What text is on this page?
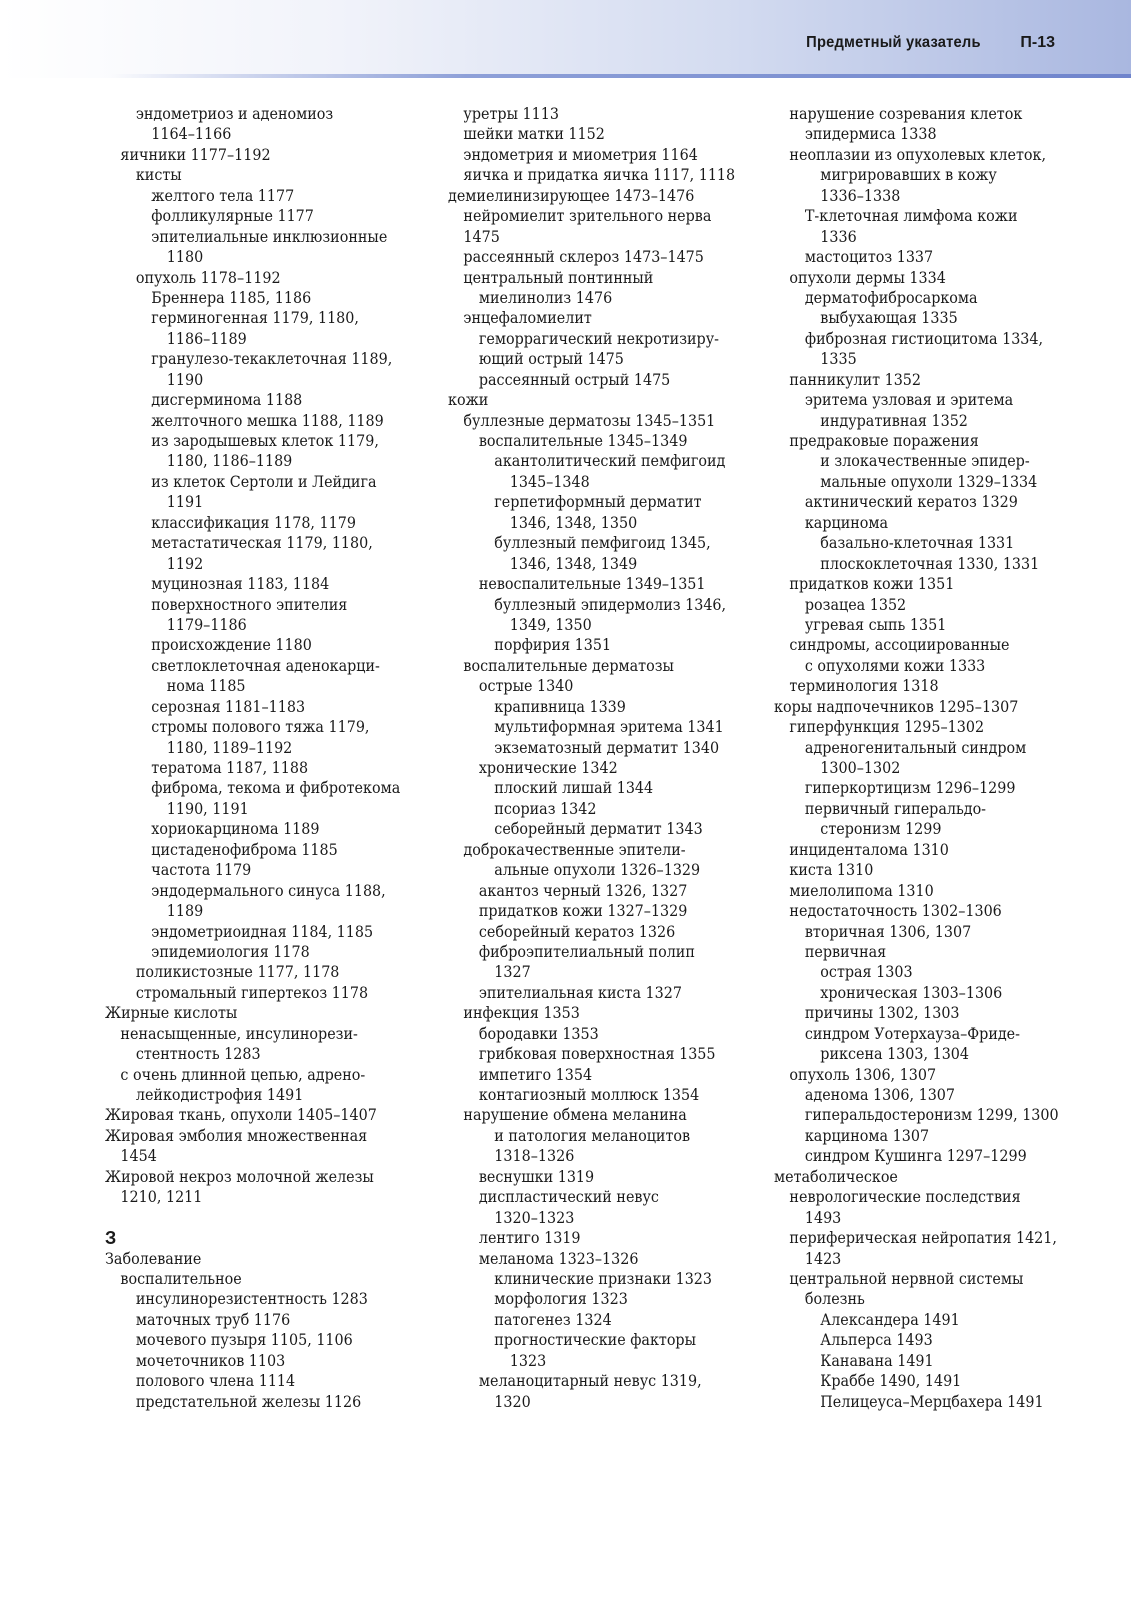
Предметный указатель П-13
эндометриоз и аденомиоз
1164–1166
яичники 1177–1192
кисты
желтого тела 1177
фолликулярные 1177
эпителиальные инклюзионные
1180
опухоль 1178–1192
Бреннера 1185, 1186
герминогенная 1179, 1180,
1186–1189
гранулезо-текаклеточная 1189,
1190
дисгерминома 1188
желточного мешка 1188, 1189
из зародышевых клеток 1179,
1180, 1186–1189
из клеток Сертоли и Лейдига
1191
классификация 1178, 1179
метастатическая 1179, 1180,
1192
муцинозная 1183, 1184
поверхностного эпителия
1179–1186
происхождение 1180
светлоклеточная аденокарци-
нома 1185
серозная 1181–1183
стромы полового тяжа 1179,
1180, 1189–1192
тератома 1187, 1188
фиброма, текома и фибротекома
1190, 1191
хориокарцинома 1189
цистаденофиброма 1185
частота 1179
эндодермального синуса 1188,
1189
эндометриоидная 1184, 1185
эпидемиология 1178
поликистозные 1177, 1178
стромальный гипертекоз 1178
Жирные кислоты
ненасыщенные, инсулинорези-
стентность 1283
с очень длинной цепью, адрено-
лейкодистрофия 1491
Жировая ткань, опухоли 1405–1407
Жировая эмболия множественная
1454
Жировой некроз молочной железы
1210, 1211
З
Заболевание
воспалительное
инсулинорезистентность 1283
маточных труб 1176
мочевого пузыря 1105, 1106
мочеточников 1103
полового члена 1114
предстательной железы 1126
уретры 1113
шейки матки 1152
эндометрия и миометрия 1164
яичка и придатка яичка 1117, 1118
демиелинизирующее 1473–1476
нейромиелит зрительного нерва
1475
рассеянный склероз 1473–1475
центральный понтинный
миелинолиз 1476
энцефаломиелит
геморрагический некротизиру-
ющий острый 1475
рассеянный острый 1475
кожи
буллезные дерматозы 1345–1351
воспалительные 1345–1349
акантолитический пемфигоид
1345–1348
герпетиформный дерматит
1346, 1348, 1350
буллезный пемфигоид 1345,
1346, 1348, 1349
невоспалительные 1349–1351
буллезный эпидермолиз 1346,
1349, 1350
порфирия 1351
воспалительные дерматозы
острые 1340
крапивница 1339
мультиформная эритема 1341
экзематозный дерматит 1340
хронические 1342
плоский лишай 1344
псориаз 1342
себорейный дерматит 1343
доброкачественные эпители-
альные опухоли 1326–1329
акантоз черный 1326, 1327
придатков кожи 1327–1329
себорейный кератоз 1326
фиброэпителиальный полип
1327
эпителиальная киста 1327
инфекция 1353
бородавки 1353
грибковая поверхностная 1355
импетиго 1354
контагиозный моллюск 1354
нарушение обмена меланина
и патология меланоцитов
1318–1326
веснушки 1319
диспластический невус
1320–1323
лентиго 1319
меланома 1323–1326
клинические признаки 1323
морфология 1323
патогенез 1324
прогностические факторы
1323
меланоцитарный невус 1319,
1320
нарушение созревания клеток
эпидермиса 1338
неоплазии из опухолевых клеток,
мигрировавших в кожу
1336–1338
Т-клеточная лимфома кожи
1336
мастоцитоз 1337
опухоли дермы 1334
дерматофибросаркома
выбухающая 1335
фиброзная гистиоцитома 1334,
1335
панникулит 1352
эритема узловая и эритема
индуративная 1352
предраковые поражения
и злокачественные эпидер-
мальные опухоли 1329–1334
актинический кератоз 1329
карцинома
базально-клеточная 1331
плоскоклеточная 1330, 1331
придатков кожи 1351
розацеа 1352
угревая сыпь 1351
синдромы, ассоциированные
с опухолями кожи 1333
терминология 1318
коры надпочечников 1295–1307
гиперфункция 1295–1302
адреногенитальный синдром
1300–1302
гиперкортицизм 1296–1299
первичный гиперальдо-
стеронизм 1299
инциденталома 1310
киста 1310
миелолипома 1310
недостаточность 1302–1306
вторичная 1306, 1307
первичная
острая 1303
хроническая 1303–1306
причины 1302, 1303
синдром Уотерхауза–Фриде-
риксена 1303, 1304
опухоль 1306, 1307
аденома 1306, 1307
гиперальдостеронизм 1299, 1300
карцинома 1307
синдром Кушинга 1297–1299
метаболическое
неврологические последствия
1493
периферическая нейропатия 1421,
1423
центральной нервной системы
болезнь
Александера 1491
Альперса 1493
Канавана 1491
Краббе 1490, 1491
Пелицеуса–Мерцбахера 1491
